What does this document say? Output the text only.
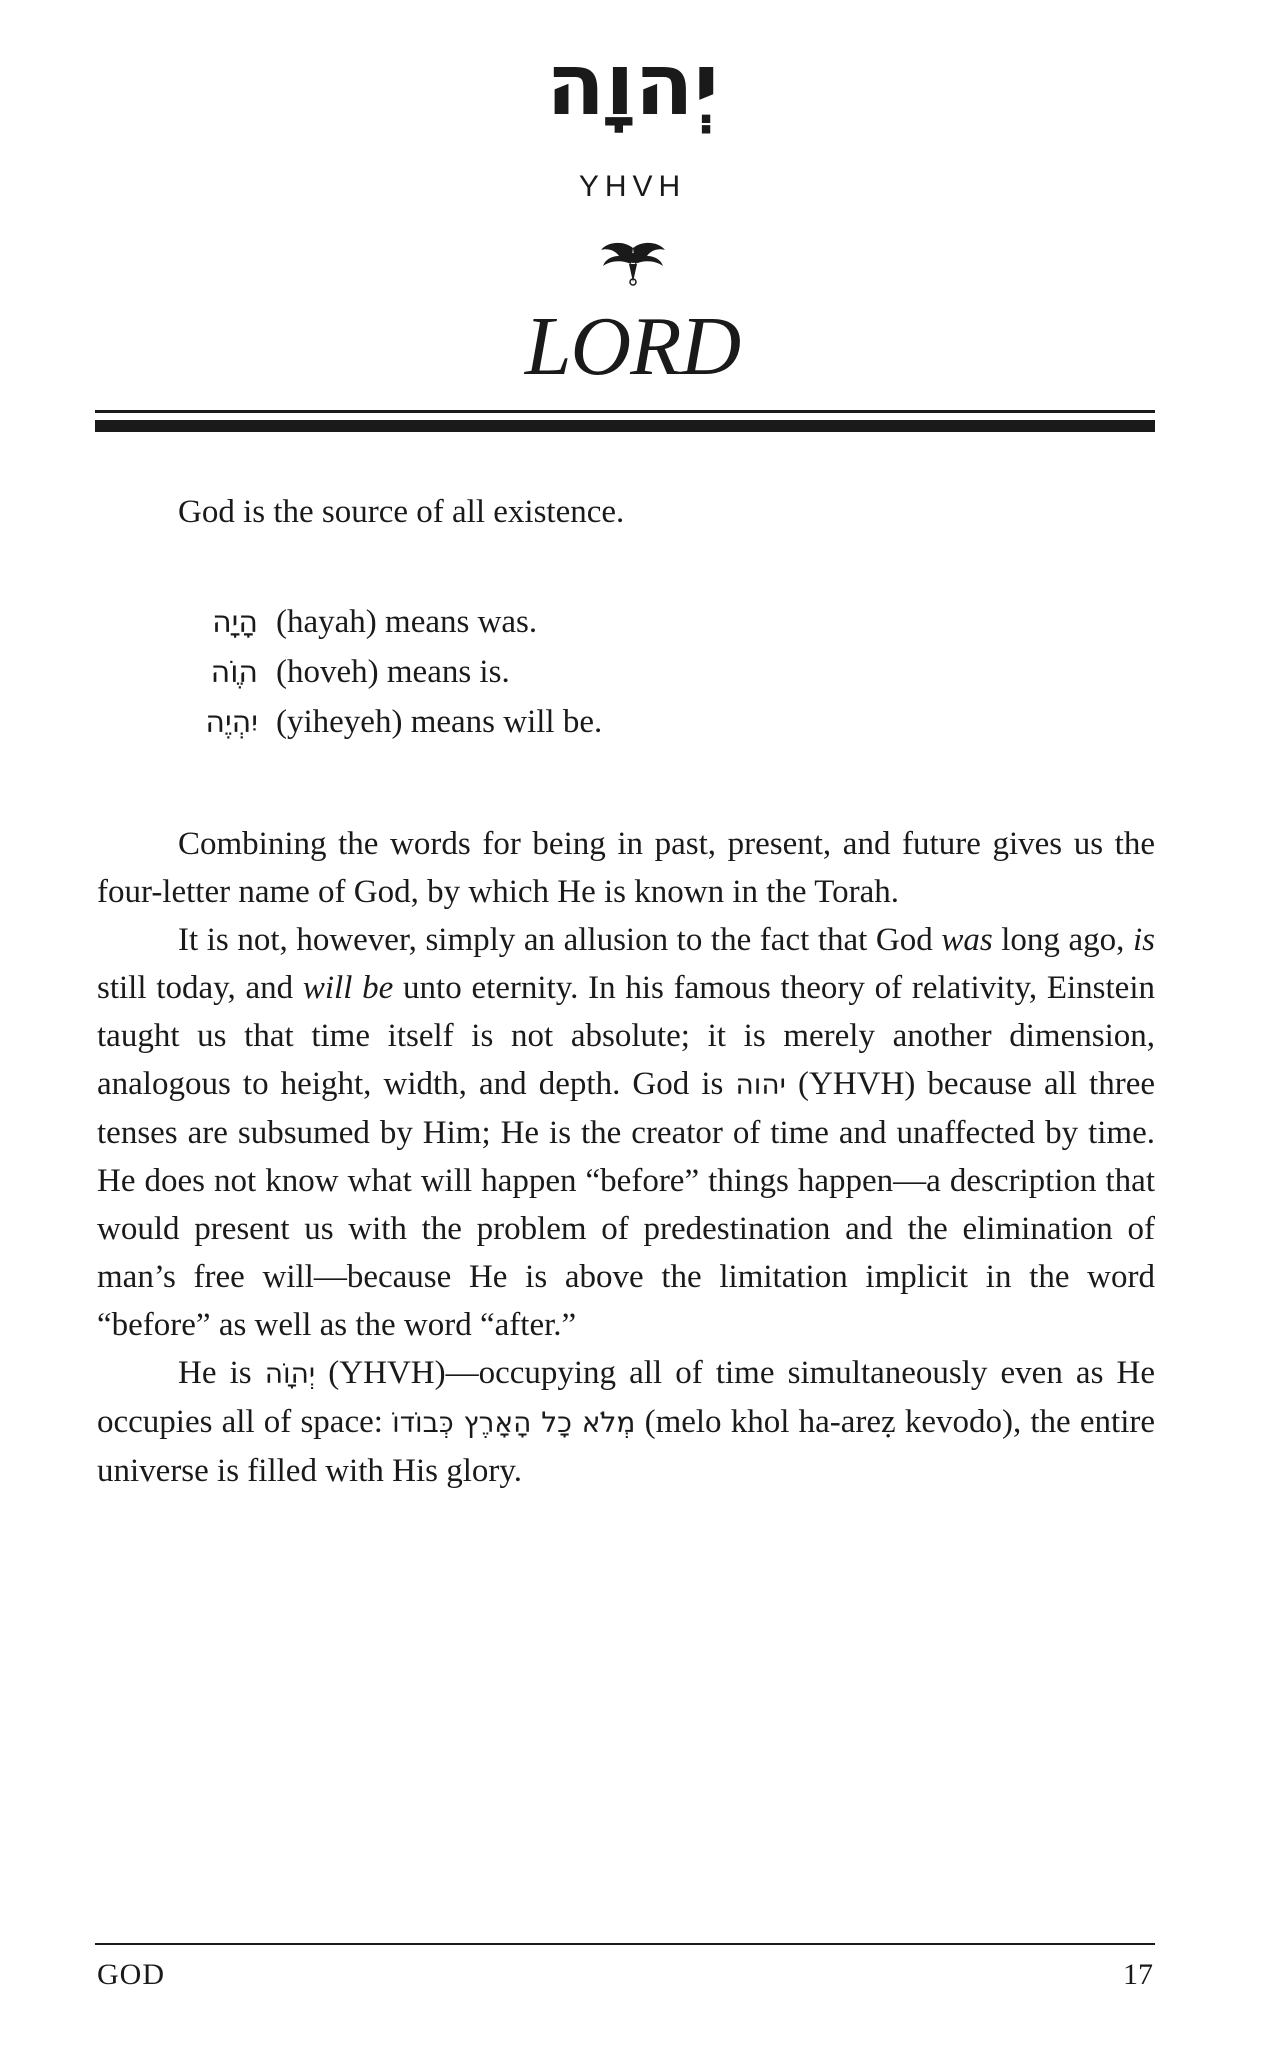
יְהוָה
YHVH
LORD
God is the source of all existence.
הָיָה (hayah) means was.
הוֶֹה (hoveh) means is.
יִהְיֶה (yiheyeh) means will be.

Combining the words for being in past, present, and future gives us the four-letter name of God, by which He is known in the Torah.

It is not, however, simply an allusion to the fact that God was long ago, is still today, and will be unto eternity. In his famous theory of relativity, Einstein taught us that time itself is not absolute; it is merely another dimension, analogous to height, width, and depth. God is יהוה (YHVH) because all three tenses are subsumed by Him; He is the creator of time and unaffected by time. He does not know what will happen “before” things happen—a description that would present us with the problem of predestination and the elimination of man’s free will—because He is above the limitation implicit in the word “before” as well as the word “after.”

He is יְהוָֹה (YHVH)—occupying all of time simultaneously even as He occupies all of space: מְלֹא כָל הָאָרֶץ כְּבוֹדוֹ (melo khol ha-areẓ kevodo), the entire universe is filled with His glory.

GOD	17
